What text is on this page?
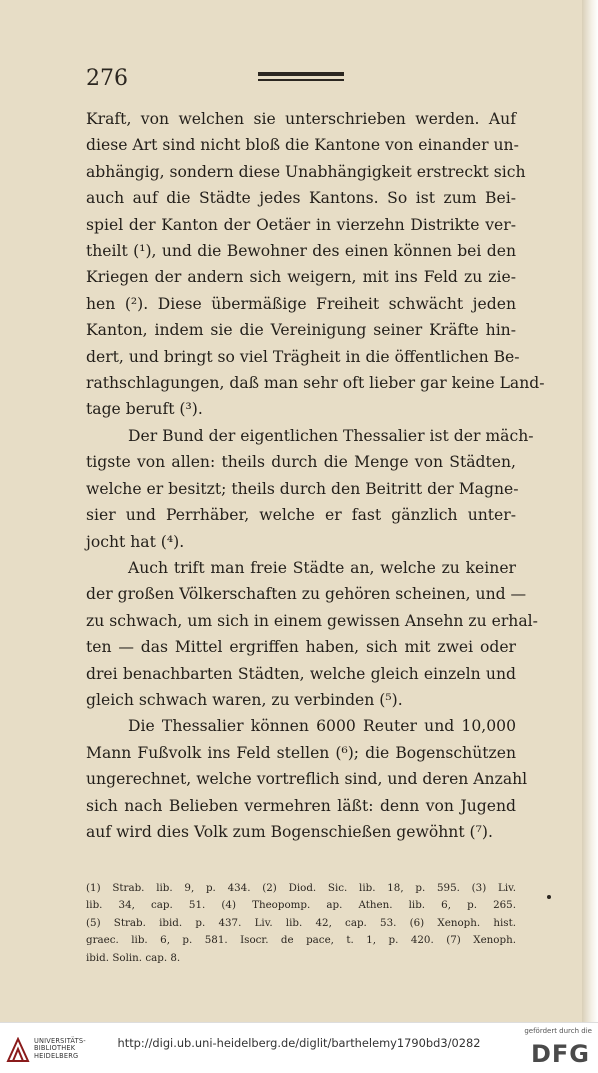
276
Kraft, von welchen sie unterschrieben werden. Auf
diese Art sind nicht bloß die Kantone von einander un-
abhängig, sondern diese Unabhängigkeit erstreckt sich
auch auf die Städte jedes Kantons. So ist zum Bei-
spiel der Kanton der Oetäer in vierzehn Distrikte ver-
theilt (¹), und die Bewohner des einen können bei den
Kriegen der andern sich weigern, mit ins Feld zu zie-
hen (²). Diese übermäßige Freiheit schwächt jeden
Kanton, indem sie die Vereinigung seiner Kräfte hin-
dert, und bringt so viel Trägheit in die öffentlichen Be-
rathschlagungen, daß man sehr oft lieber gar keine Land-
tage beruft (³).
Der Bund der eigentlichen Thessalier ist der mäch-
tigste von allen: theils durch die Menge von Städten,
welche er besitzt; theils durch den Beitritt der Magne-
sier und Perrhäber, welche er fast gänzlich unter-
jocht hat (⁴).
Auch trift man freie Städte an, welche zu keiner
der großen Völkerschaften zu gehören scheinen, und —
zu schwach, um sich in einem gewissen Ansehn zu erhal-
ten — das Mittel ergriffen haben, sich mit zwei oder
drei benachbarten Städten, welche gleich einzeln und
gleich schwach waren, zu verbinden (⁵).
Die Thessalier können 6000 Reuter und 10,000
Mann Fußvolk ins Feld stellen (⁶); die Bogenschützen
ungerechnet, welche vortreflich sind, und deren Anzahl
sich nach Belieben vermehren läßt: denn von Jugend
auf wird dies Volk zum Bogenschießen gewöhnt (⁷).
(1) Strab. lib. 9, p. 434. (2) Diod. Sic. lib. 18, p. 595. (3) Liv.
lib. 34, cap. 51. (4) Theopomp. ap. Athen. lib. 6, p. 265.
(5) Strab. ibid. p. 437. Liv. lib. 42, cap. 53. (6) Xenoph. hist.
graec. lib. 6, p. 581. Isocr. de pace, t. 1, p. 420. (7) Xenoph.
ibid. Solin. cap. 8.
UNIVERSITÄTS-
BIBLIOTHEK
HEIDELBERG
http://digi.ub.uni-heidelberg.de/diglit/barthelemy1790bd3/0282
gefördert durch die
DFG
